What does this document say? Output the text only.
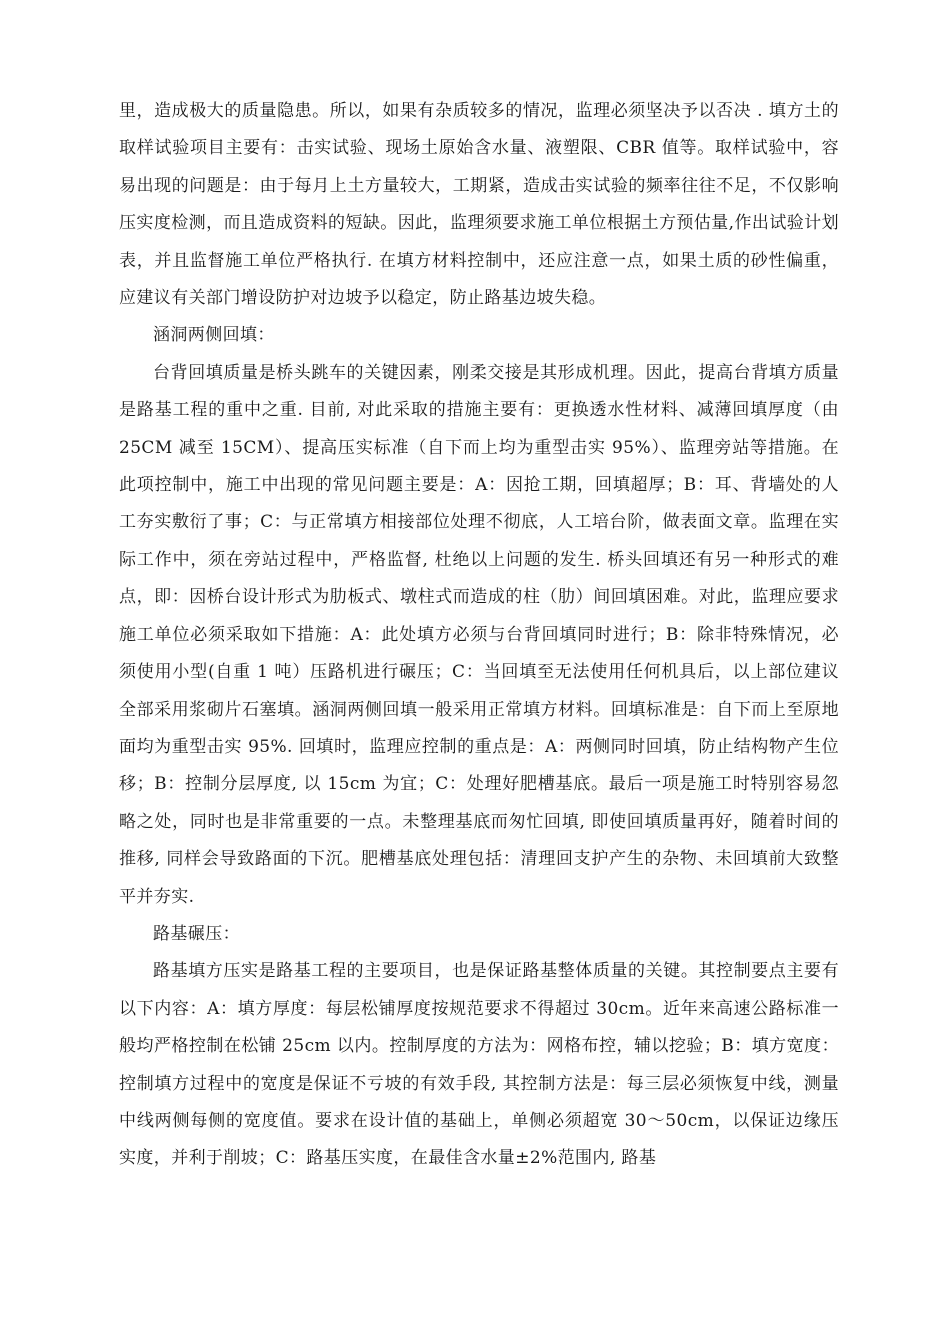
里，造成极大的质量隐患。所以，如果有杂质较多的情况，监理必须坚决予以否决 . 填方土的取样试验项目主要有：击实试验、现场土原始含水量、液塑限、CBR 值等。取样试验中，容易出现的问题是：由于每月上土方量较大，工期紧，造成击实试验的频率往往不足，不仅影响压实度检测，而且造成资料的短缺。因此，监理须要求施工单位根据土方预估量,作出试验计划表，并且监督施工单位严格执行. 在填方材料控制中，还应注意一点，如果土质的砂性偏重，应建议有关部门增设防护对边坡予以稳定，防止路基边坡失稳。

涵洞两侧回填：

台背回填质量是桥头跳车的关键因素，刚柔交接是其形成机理。因此，提高台背填方质量是路基工程的重中之重. 目前, 对此采取的措施主要有：更换透水性材料、减薄回填厚度（由 25CM 减至 15CM）、提高压实标准（自下而上均为重型击实 95%）、监理旁站等措施。在此项控制中，施工中出现的常见问题主要是：A：因抢工期，回填超厚；B：耳、背墙处的人工夯实敷衍了事；C：与正常填方相接部位处理不彻底，人工培台阶，做表面文章。监理在实际工作中，须在旁站过程中，严格监督, 杜绝以上问题的发生. 桥头回填还有另一种形式的难点，即：因桥台设计形式为肋板式、墩柱式而造成的柱（肋）间回填困难。对此，监理应要求施工单位必须采取如下措施：A：此处填方必须与台背回填同时进行；B：除非特殊情况，必须使用小型(自重 1 吨）压路机进行碾压；C：当回填至无法使用任何机具后，以上部位建议全部采用浆砌片石塞填。涵洞两侧回填一般采用正常填方材料。回填标准是：自下而上至原地面均为重型击实 95%. 回填时，监理应控制的重点是：A：两侧同时回填，防止结构物产生位移；B：控制分层厚度, 以 15cm 为宜；C：处理好肥槽基底。最后一项是施工时特别容易忽略之处，同时也是非常重要的一点。未整理基底而匆忙回填, 即使回填质量再好，随着时间的推移, 同样会导致路面的下沉。肥槽基底处理包括：清理回支护产生的杂物、未回填前大致整平并夯实.

路基碾压：

路基填方压实是路基工程的主要项目，也是保证路基整体质量的关键。其控制要点主要有以下内容：A：填方厚度：每层松铺厚度按规范要求不得超过 30cm。近年来高速公路标准一般均严格控制在松铺 25cm 以内。控制厚度的方法为：网格布控，辅以挖验；B：填方宽度：控制填方过程中的宽度是保证不亏坡的有效手段, 其控制方法是：每三层必须恢复中线，测量中线两侧每侧的宽度值。要求在设计值的基础上，单侧必须超宽 30～50cm，以保证边缘压实度，并利于削坡；C：路基压实度，在最佳含水量±2%范围内, 路基
